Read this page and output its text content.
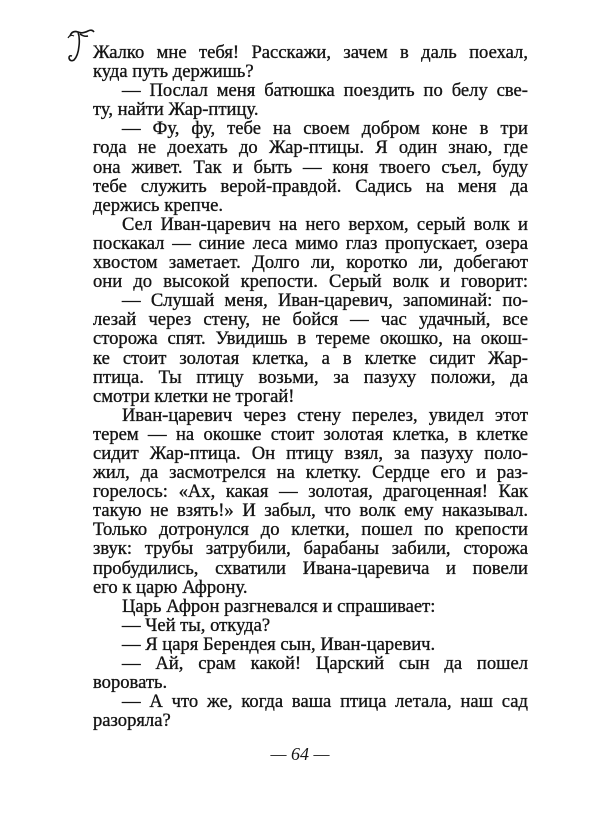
Жалко мне тебя! Расскажи, зачем в даль поехал,
куда путь держишь?
— Послал меня батюшка поездить по белу све-
ту, найти Жар-птицу.
— Фу, фу, тебе на своем добром коне в три
года не доехать до Жар-птицы. Я один знаю, где
она живет. Так и быть — коня твоего съел, буду
тебе служить верой-правдой. Садись на меня да
держись крепче.
Сел Иван-царевич на него верхом, серый волк и
поскакал — синие леса мимо глаз пропускает, озера
хвостом заметает. Долго ли, коротко ли, добегают
они до высокой крепости. Серый волк и говорит:
— Слушай меня, Иван-царевич, запоминай: по-
лезай через стену, не бойся — час удачный, все
сторожа спят. Увидишь в тереме окошко, на окош-
ке стоит золотая клетка, а в клетке сидит Жар-
птица. Ты птицу возьми, за пазуху положи, да
смотри клетки не трогай!
Иван-царевич через стену перелез, увидел этот
терем — на окошке стоит золотая клетка, в клетке
сидит Жар-птица. Он птицу взял, за пазуху поло-
жил, да засмотрелся на клетку. Сердце его и раз-
горелось: «Ах, какая — золотая, драгоценная! Как
такую не взять!» И забыл, что волк ему наказывал.
Только дотронулся до клетки, пошел по крепости
звук: трубы затрубили, барабаны забили, сторожа
пробудились, схватили Ивана-царевича и повели
его к царю Афрону.
Царь Афрон разгневался и спрашивает:
— Чей ты, откуда?
— Я царя Берендея сын, Иван-царевич.
— Ай, срам какой! Царский сын да пошел
воровать.
— А что же, когда ваша птица летала, наш сад
разоряла?
— 64 —
